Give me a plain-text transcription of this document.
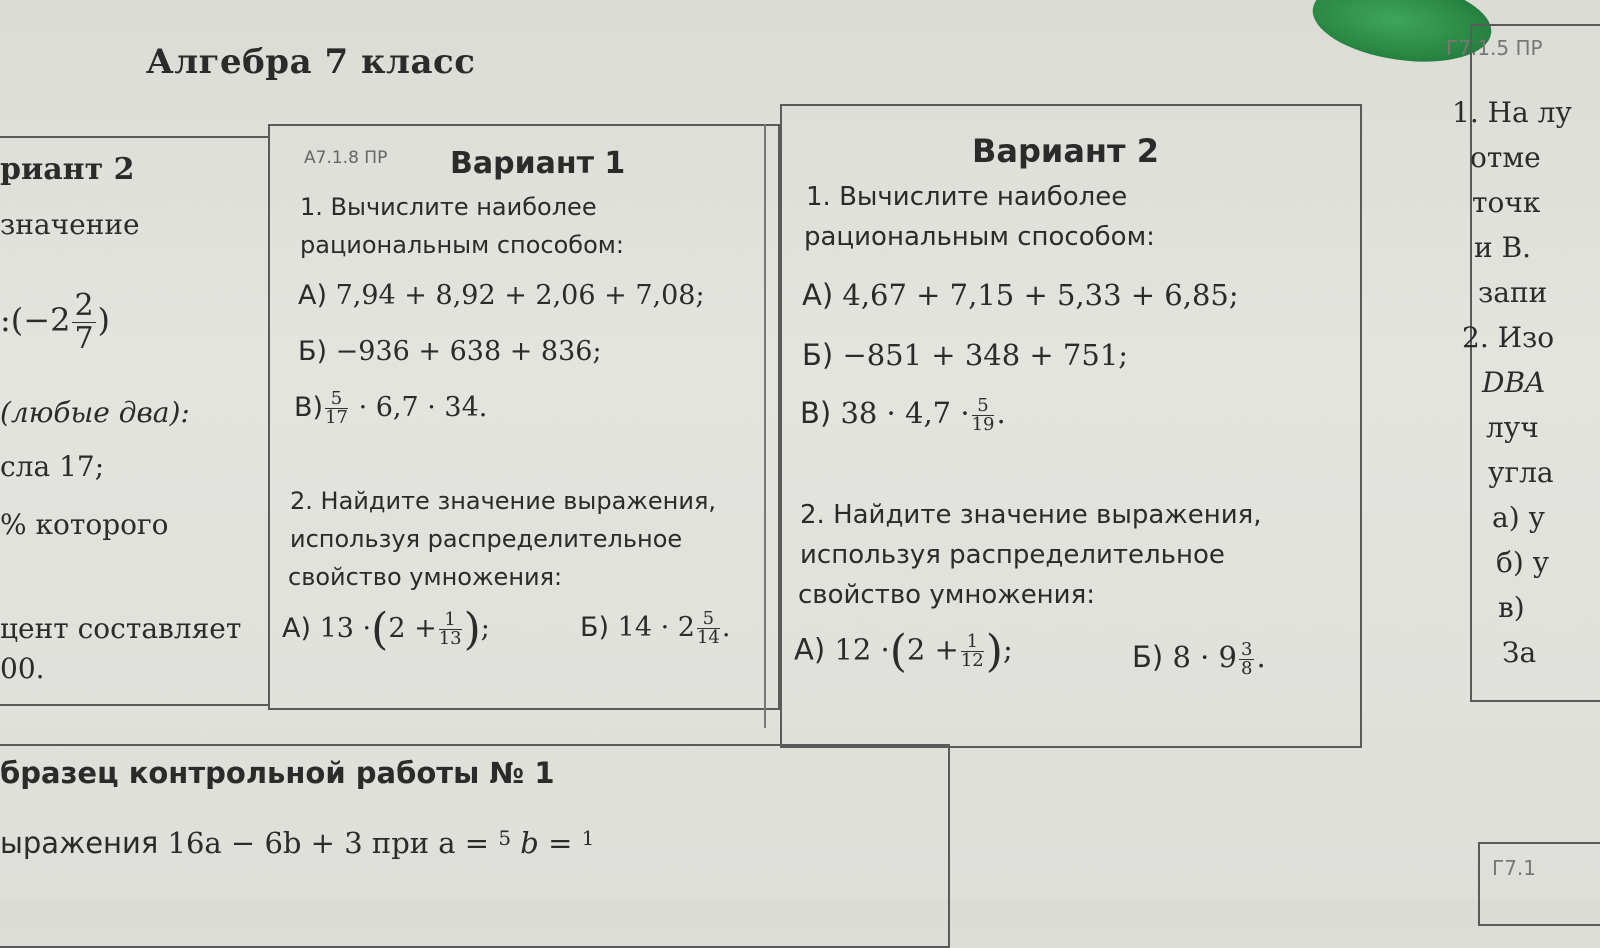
Алгебра 7 класс
риант 2
значение
:(−2 $\frac{2}{7}$ )
(любые два):
сла 17;
% которого
цент составляет
00.
А7.1.8 ПР Вариант 1
1. Вычислите наиболее
рациональным способом:
А) 7,94 + 8,92 + 2,06 + 7,08;
Б) −936 + 638 + 836;
$В) \frac{5}{17} \cdot 6,7 \cdot 34$.
2. Найдите значение выражения,
используя распределительное
свойство умножения:
А) $13 \cdot(2 + \frac{1}{13}$ );	Б) $14 \cdot 2 \frac{5}{14}$ .
Вариант 2
1. Вычислите наиболее
рациональным способом:
А) 4,67 + 7,15 + 5,33 + 6,85;
Б) −851 + 348 + 751;
В) $38 \cdot 4,7 \cdot \frac{5}{19}$ .
2. Найдите значение выражения,
используя распределительное
свойство умножения:
А) $12 \cdot(2 + \frac{1}{12}$ );	Б) $8 \cdot 9 \frac{3}{8}$ .
Г7.1.5 ПР
1. На лу
отме
точк
и B.
запи
2. Изо
DBA
луч
угла
а) у
б) у
в)
За
бразец контрольной работы № 1
ыражения 16a − 6b + 3 при a = $^5$ b = $^1$
Г7.1
